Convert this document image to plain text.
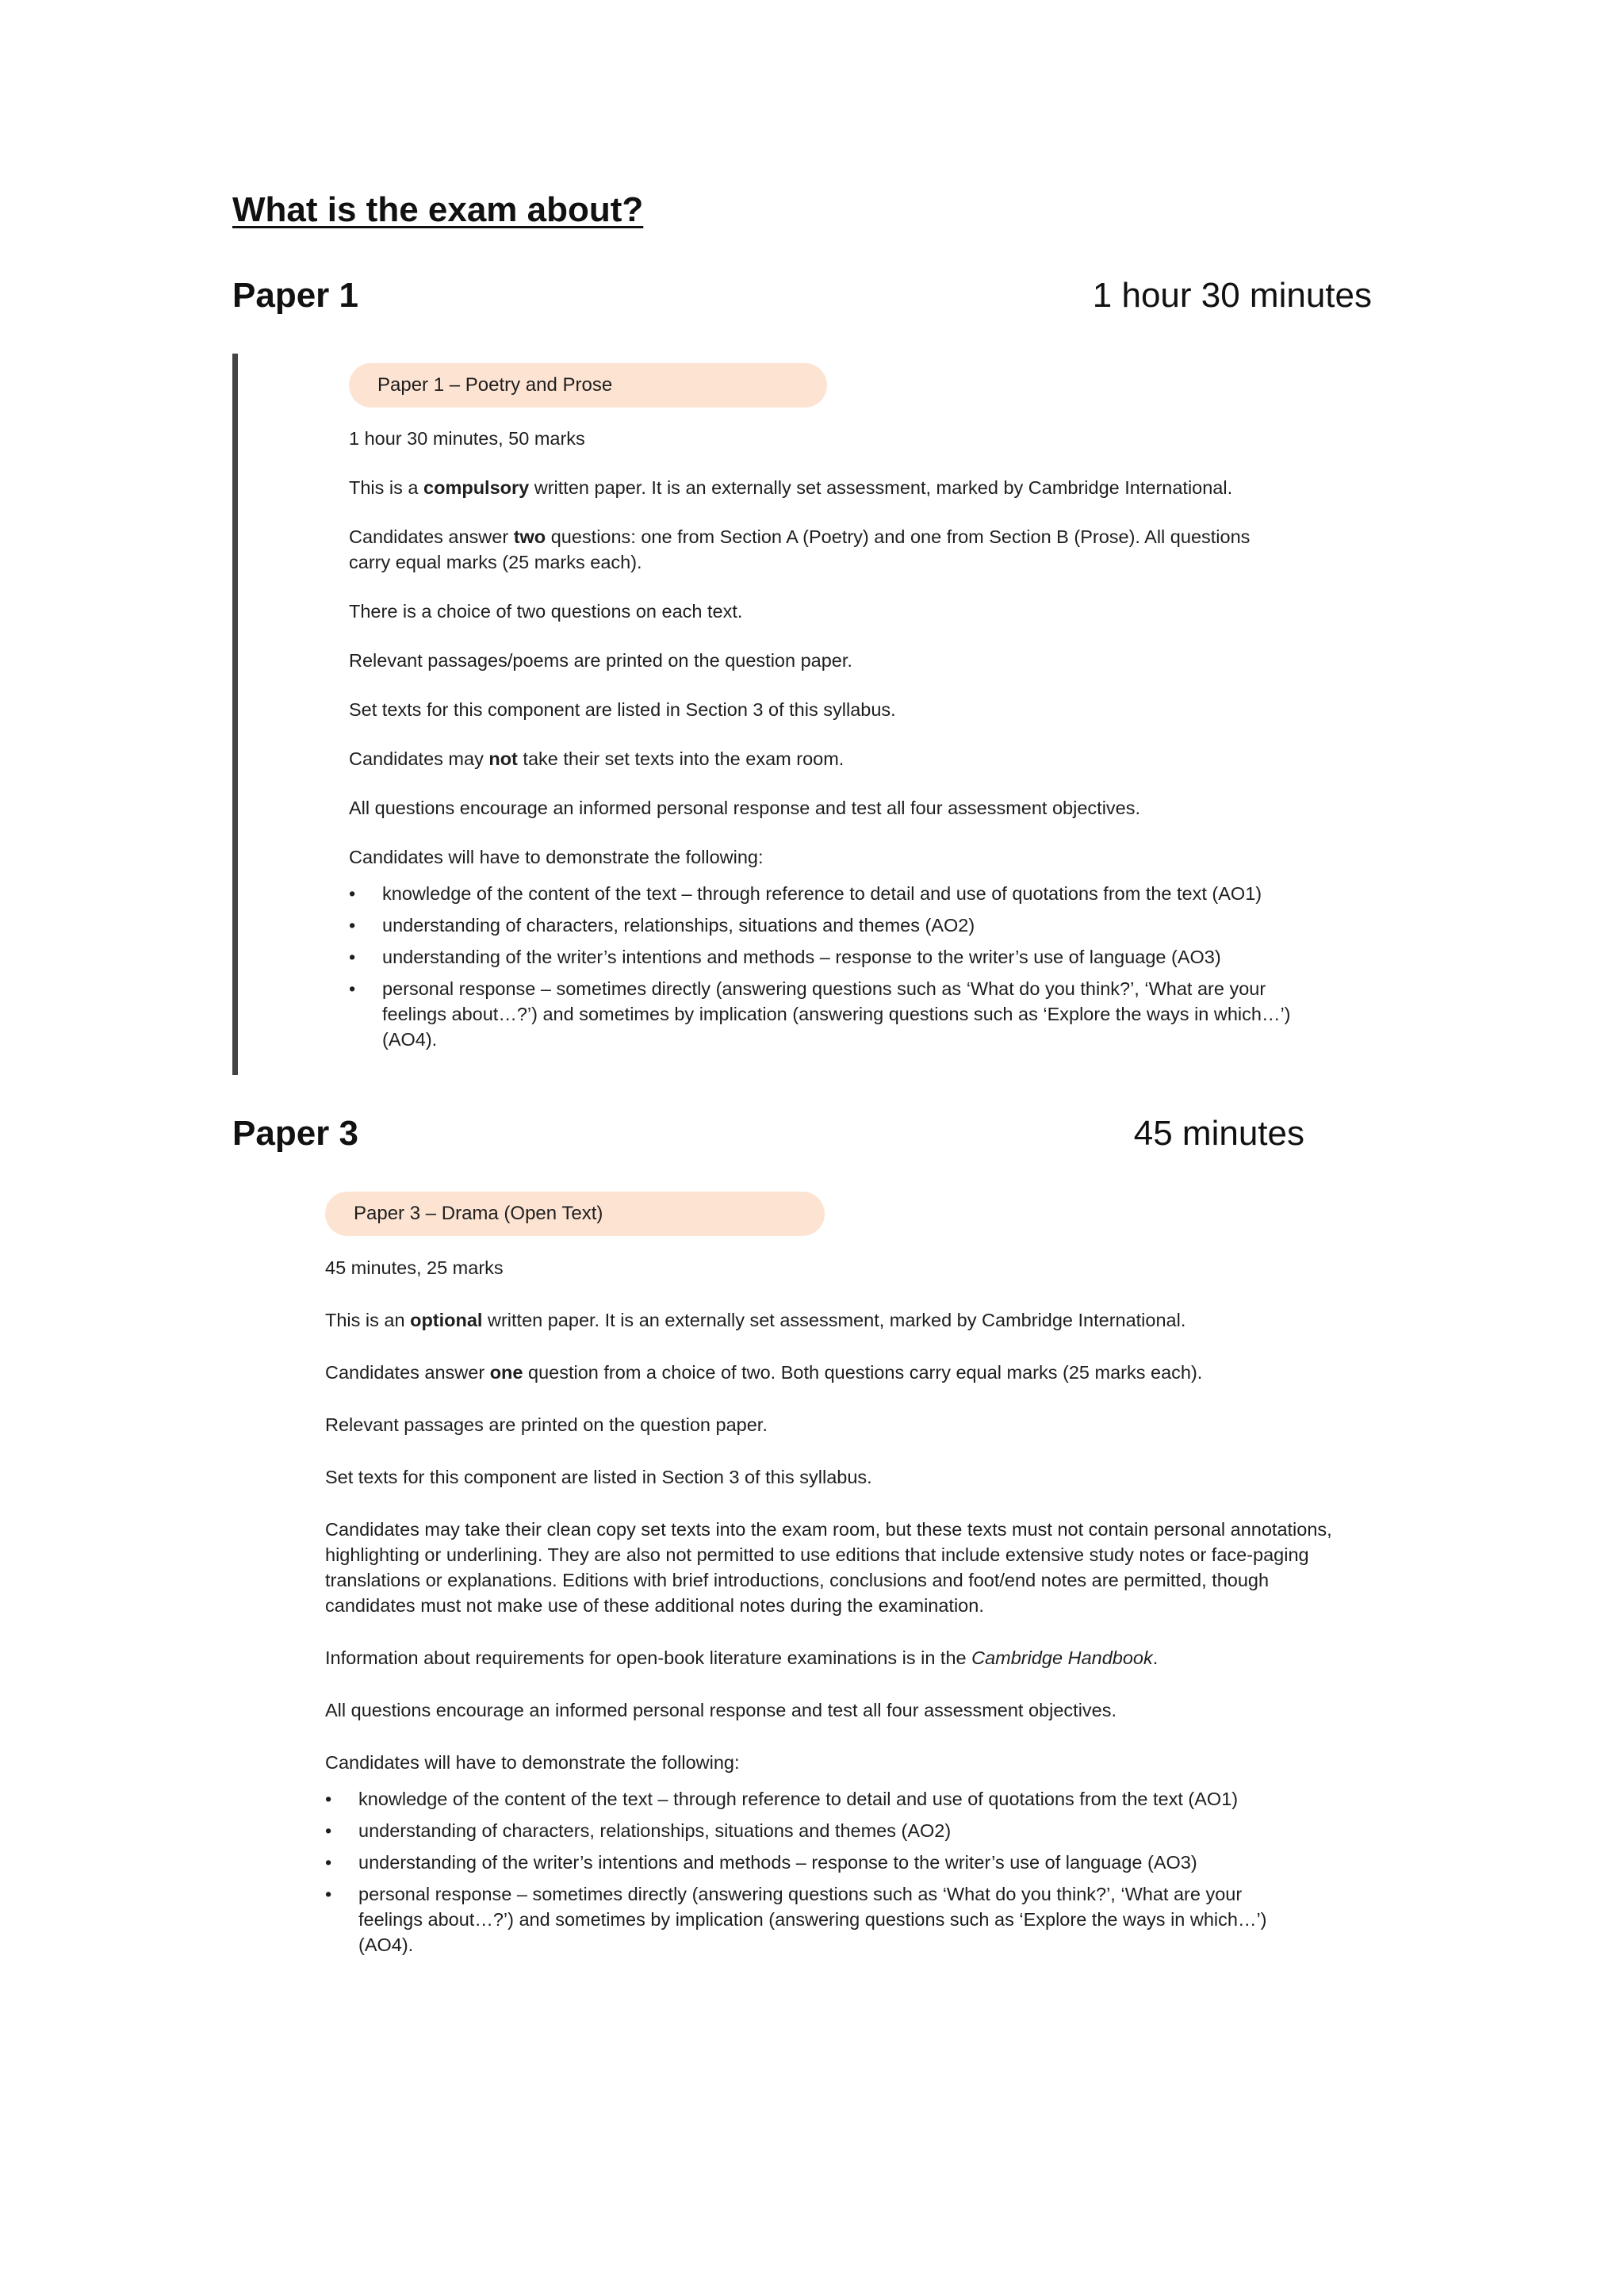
What is the exam about?
Paper 1	1 hour 30 minutes
Paper 1 – Poetry and Prose

1 hour 30 minutes, 50 marks

This is a compulsory written paper. It is an externally set assessment, marked by Cambridge International.

Candidates answer two questions: one from Section A (Poetry) and one from Section B (Prose). All questions carry equal marks (25 marks each).

There is a choice of two questions on each text.

Relevant passages/poems are printed on the question paper.

Set texts for this component are listed in Section 3 of this syllabus.

Candidates may not take their set texts into the exam room.

All questions encourage an informed personal response and test all four assessment objectives.

Candidates will have to demonstrate the following:

• knowledge of the content of the text – through reference to detail and use of quotations from the text (AO1)
• understanding of characters, relationships, situations and themes (AO2)
• understanding of the writer’s intentions and methods – response to the writer’s use of language (AO3)
• personal response – sometimes directly (answering questions such as ‘What do you think?’, ‘What are your feelings about…?’) and sometimes by implication (answering questions such as ‘Explore the ways in which…’) (AO4).
Paper 3	45 minutes
Paper 3 – Drama (Open Text)

45 minutes, 25 marks

This is an optional written paper. It is an externally set assessment, marked by Cambridge International.

Candidates answer one question from a choice of two. Both questions carry equal marks (25 marks each).

Relevant passages are printed on the question paper.

Set texts for this component are listed in Section 3 of this syllabus.

Candidates may take their clean copy set texts into the exam room, but these texts must not contain personal annotations, highlighting or underlining. They are also not permitted to use editions that include extensive study notes or face-paging translations or explanations. Editions with brief introductions, conclusions and foot/end notes are permitted, though candidates must not make use of these additional notes during the examination.

Information about requirements for open-book literature examinations is in the Cambridge Handbook.

All questions encourage an informed personal response and test all four assessment objectives.

Candidates will have to demonstrate the following:

• knowledge of the content of the text – through reference to detail and use of quotations from the text (AO1)
• understanding of characters, relationships, situations and themes (AO2)
• understanding of the writer’s intentions and methods – response to the writer’s use of language (AO3)
• personal response – sometimes directly (answering questions such as ‘What do you think?’, ‘What are your feelings about…?’) and sometimes by implication (answering questions such as ‘Explore the ways in which…’) (AO4).
